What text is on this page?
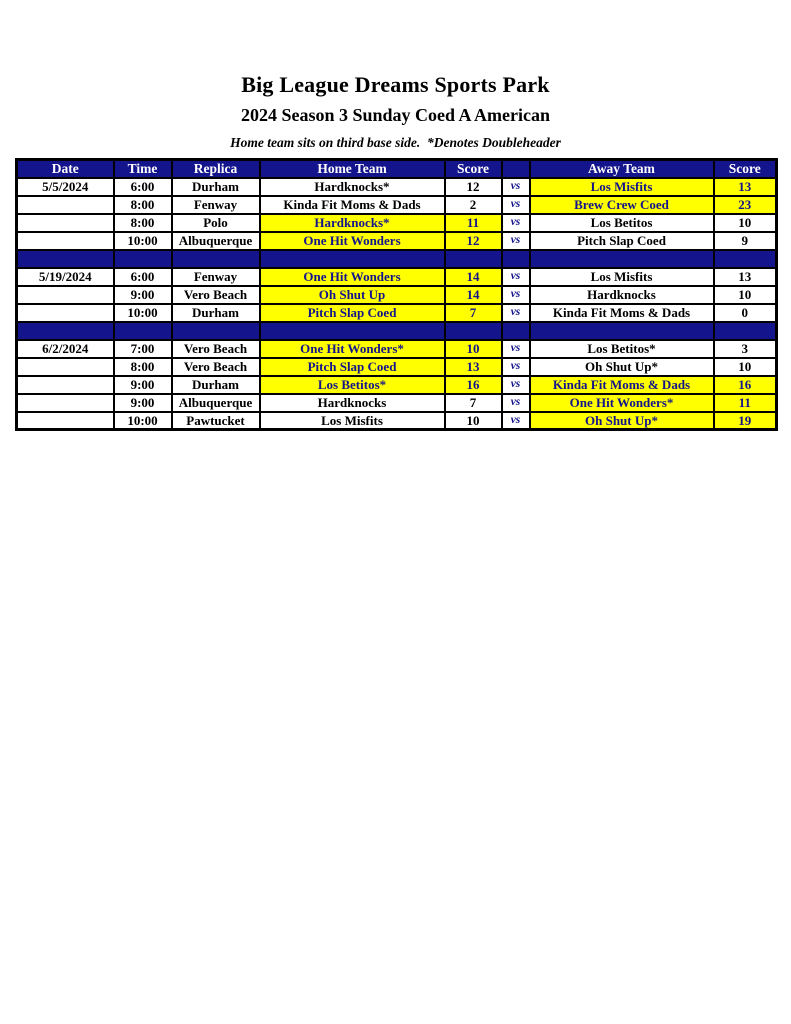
Big League Dreams Sports Park
2024 Season 3 Sunday Coed A American
Home team sits on third base side.  *Denotes Doubleheader
Date	Time	Replica	Home Team	Score		Away Team	Score
5/5/2024	6:00	Durham	Hardknocks*	12	vs	Los Misfits	13
	8:00	Fenway	Kinda Fit Moms & Dads	2	vs	Brew Crew Coed	23
	8:00	Polo	Hardknocks*	11	vs	Los Betitos	10
	10:00	Albuquerque	One Hit Wonders	12	vs	Pitch Slap Coed	9

5/19/2024	6:00	Fenway	One Hit Wonders	14	vs	Los Misfits	13
	9:00	Vero Beach	Oh Shut Up	14	vs	Hardknocks	10
	10:00	Durham	Pitch Slap Coed	7	vs	Kinda Fit Moms & Dads	0

6/2/2024	7:00	Vero Beach	One Hit Wonders*	10	vs	Los Betitos*	3
	8:00	Vero Beach	Pitch Slap Coed	13	vs	Oh Shut Up*	10
	9:00	Durham	Los Betitos*	16	vs	Kinda Fit Moms & Dads	16
	9:00	Albuquerque	Hardknocks	7	vs	One Hit Wonders*	11
	10:00	Pawtucket	Los Misfits	10	vs	Oh Shut Up*	19
